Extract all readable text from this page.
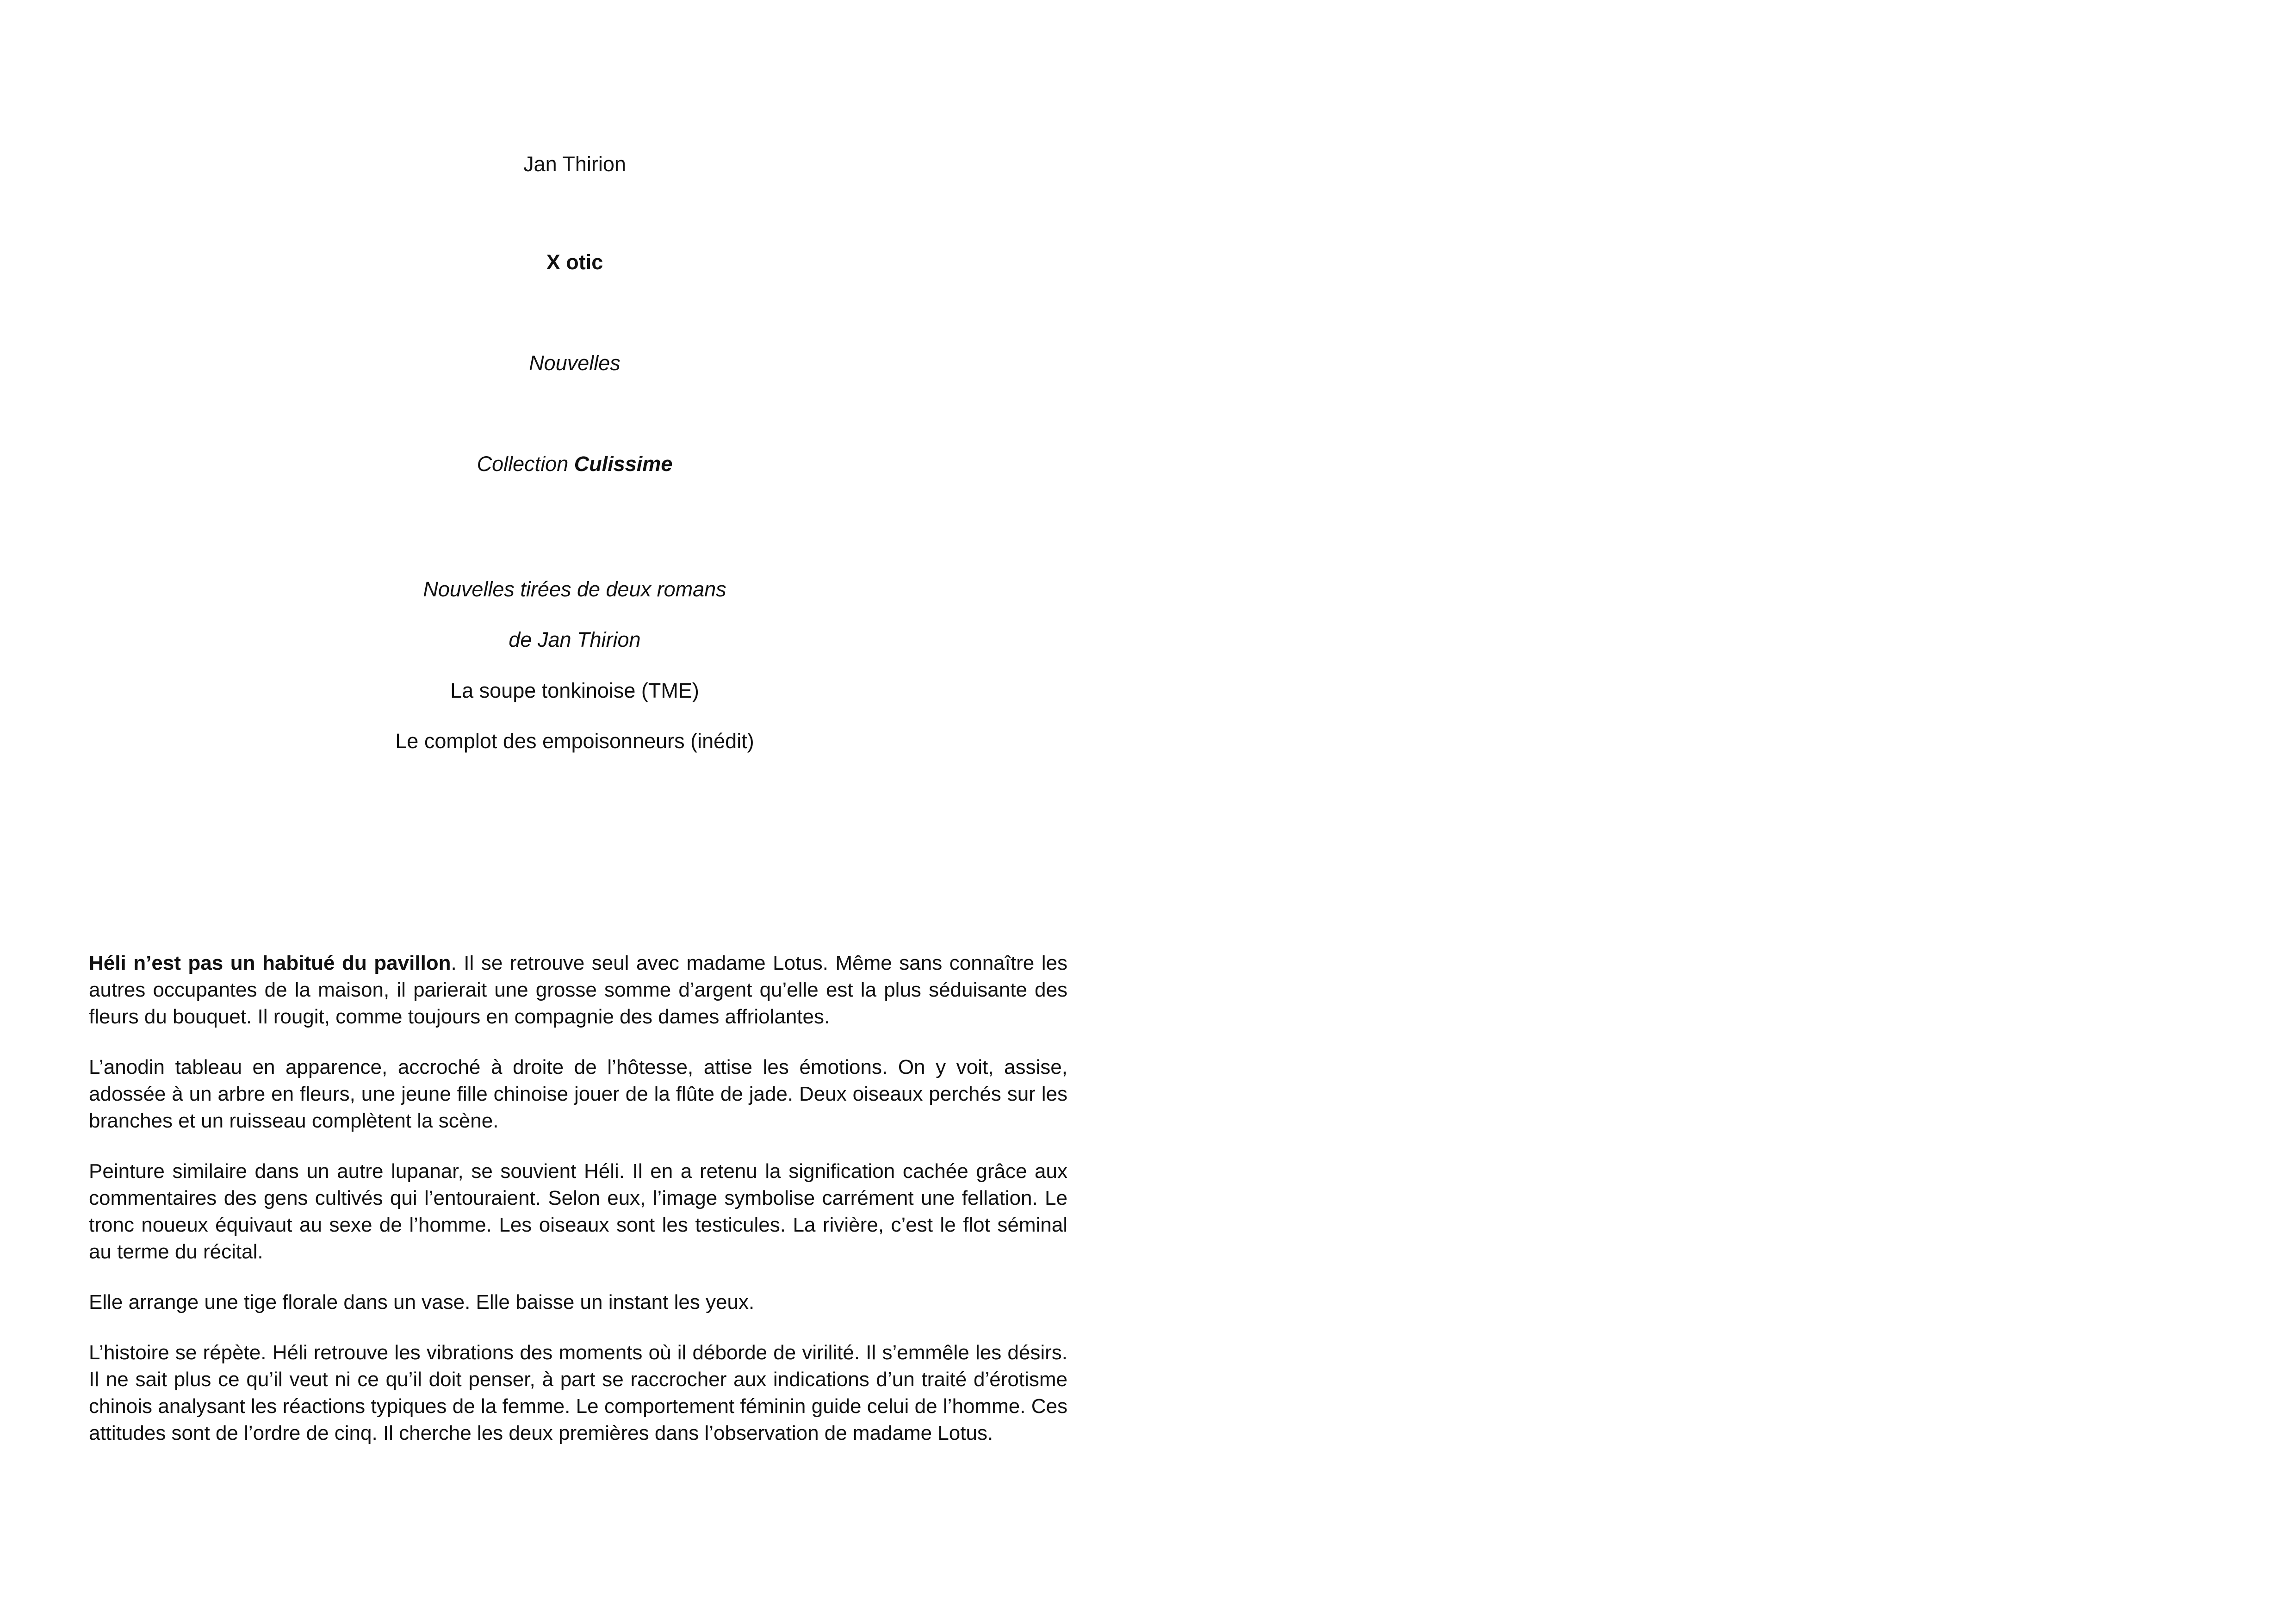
Jan Thirion

X otic

Nouvelles

Collection Culissime

Nouvelles tirées de deux romans

de Jan Thirion

La soupe tonkinoise (TME)

Le complot des empoisonneurs (inédit)

Héli n’est pas un habitué du pavillon. Il se retrouve seul avec madame Lotus. Même sans connaître les autres occupantes de la maison, il parierait une grosse somme d’argent qu’elle est la plus séduisante des fleurs du bouquet. Il rougit, comme toujours en compagnie des dames affriolantes.

L’anodin tableau en apparence, accroché à droite de l’hôtesse, attise les émotions. On y voit, assise, adossée à un arbre en fleurs, une jeune fille chinoise jouer de la flûte de jade. Deux oiseaux perchés sur les branches et un ruisseau complètent la scène.

Peinture similaire dans un autre lupanar, se souvient Héli. Il en a retenu la signification cachée grâce aux commentaires des gens cultivés qui l’entouraient. Selon eux, l’image symbolise carrément une fellation. Le tronc noueux équivaut au sexe de l’homme. Les oiseaux sont les testicules. La rivière, c’est le flot séminal au terme du récital.

Elle arrange une tige florale dans un vase. Elle baisse un instant les yeux.

L’histoire se répète. Héli retrouve les vibrations des moments où il déborde de virilité. Il s’emmêle les désirs. Il ne sait plus ce qu’il veut ni ce qu’il doit penser, à part se raccrocher aux indications d’un traité d’érotisme chinois analysant les réactions typiques de la femme. Le comportement féminin guide celui de l’homme. Ces attitudes sont de l’ordre de cinq. Il cherche les deux premières dans l’observation de madame Lotus.
